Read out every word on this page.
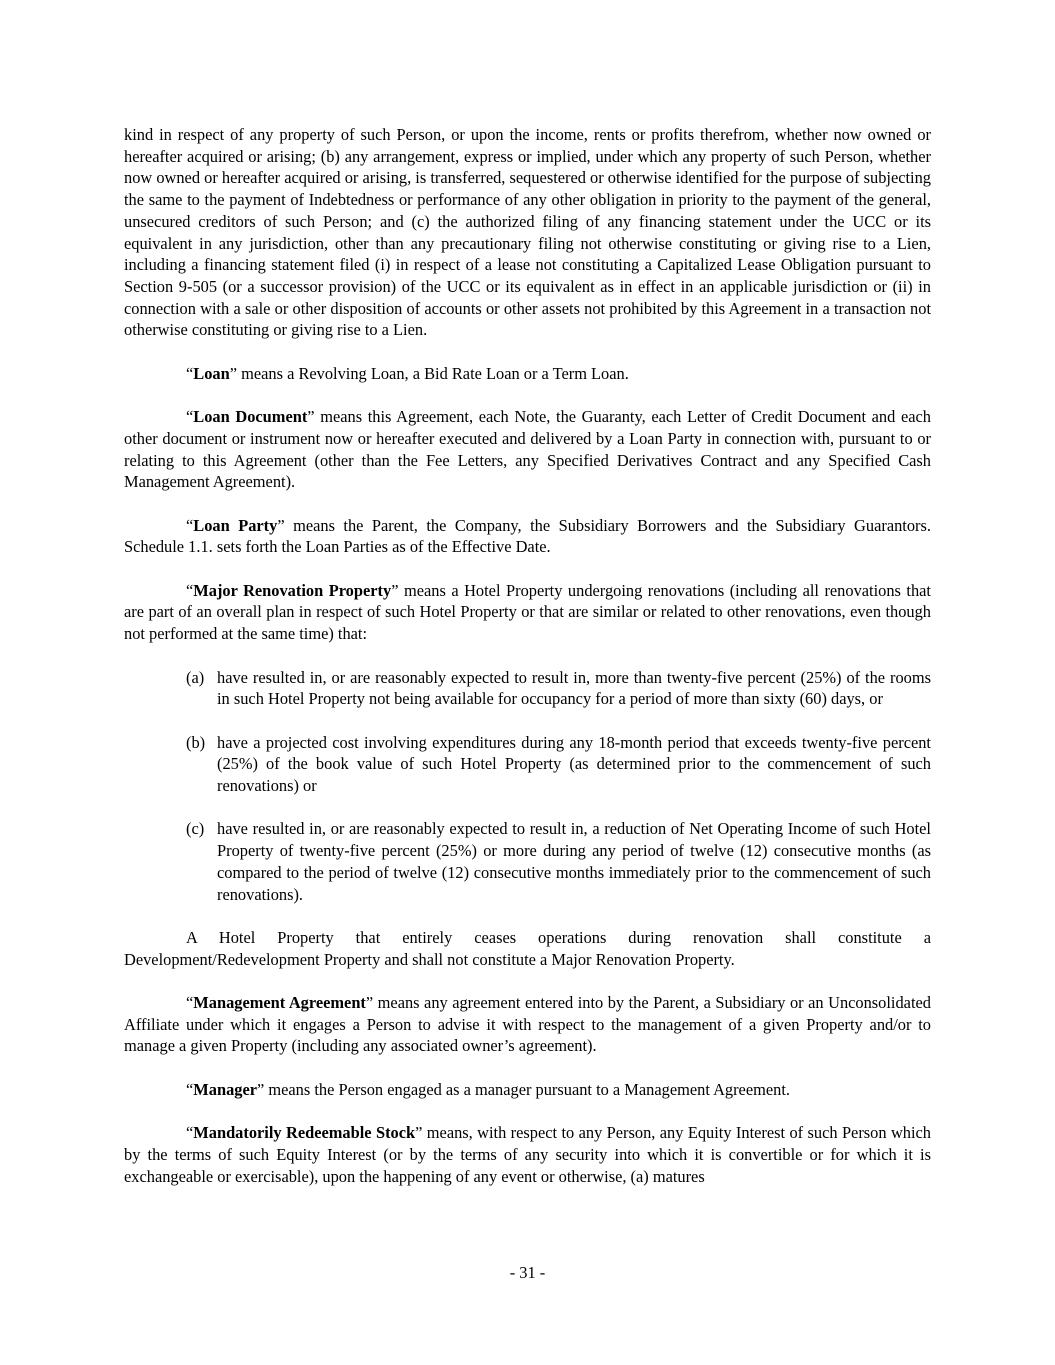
kind in respect of any property of such Person, or upon the income, rents or profits therefrom, whether now owned or hereafter acquired or arising; (b) any arrangement, express or implied, under which any property of such Person, whether now owned or hereafter acquired or arising, is transferred, sequestered or otherwise identified for the purpose of subjecting the same to the payment of Indebtedness or performance of any other obligation in priority to the payment of the general, unsecured creditors of such Person; and (c) the authorized filing of any financing statement under the UCC or its equivalent in any jurisdiction, other than any precautionary filing not otherwise constituting or giving rise to a Lien, including a financing statement filed (i) in respect of a lease not constituting a Capitalized Lease Obligation pursuant to Section 9-505 (or a successor provision) of the UCC or its equivalent as in effect in an applicable jurisdiction or (ii) in connection with a sale or other disposition of accounts or other assets not prohibited by this Agreement in a transaction not otherwise constituting or giving rise to a Lien.

“Loan” means a Revolving Loan, a Bid Rate Loan or a Term Loan.

“Loan Document” means this Agreement, each Note, the Guaranty, each Letter of Credit Document and each other document or instrument now or hereafter executed and delivered by a Loan Party in connection with, pursuant to or relating to this Agreement (other than the Fee Letters, any Specified Derivatives Contract and any Specified Cash Management Agreement).

“Loan Party” means the Parent, the Company, the Subsidiary Borrowers and the Subsidiary Guarantors. Schedule 1.1. sets forth the Loan Parties as of the Effective Date.

“Major Renovation Property” means a Hotel Property undergoing renovations (including all renovations that are part of an overall plan in respect of such Hotel Property or that are similar or related to other renovations, even though not performed at the same time) that:

(a) have resulted in, or are reasonably expected to result in, more than twenty-five percent (25%) of the rooms in such Hotel Property not being available for occupancy for a period of more than sixty (60) days, or
(b) have a projected cost involving expenditures during any 18-month period that exceeds twenty-five percent (25%) of the book value of such Hotel Property (as determined prior to the commencement of such renovations) or
(c) have resulted in, or are reasonably expected to result in, a reduction of Net Operating Income of such Hotel Property of twenty-five percent (25%) or more during any period of twelve (12) consecutive months (as compared to the period of twelve (12) consecutive months immediately prior to the commencement of such renovations).

A Hotel Property that entirely ceases operations during renovation shall constitute a Development/Redevelopment Property and shall not constitute a Major Renovation Property.

“Management Agreement” means any agreement entered into by the Parent, a Subsidiary or an Unconsolidated Affiliate under which it engages a Person to advise it with respect to the management of a given Property and/or to manage a given Property (including any associated owner’s agreement).

“Manager” means the Person engaged as a manager pursuant to a Management Agreement.

“Mandatorily Redeemable Stock” means, with respect to any Person, any Equity Interest of such Person which by the terms of such Equity Interest (or by the terms of any security into which it is convertible or for which it is exchangeable or exercisable), upon the happening of any event or otherwise, (a) matures

- 31 -
